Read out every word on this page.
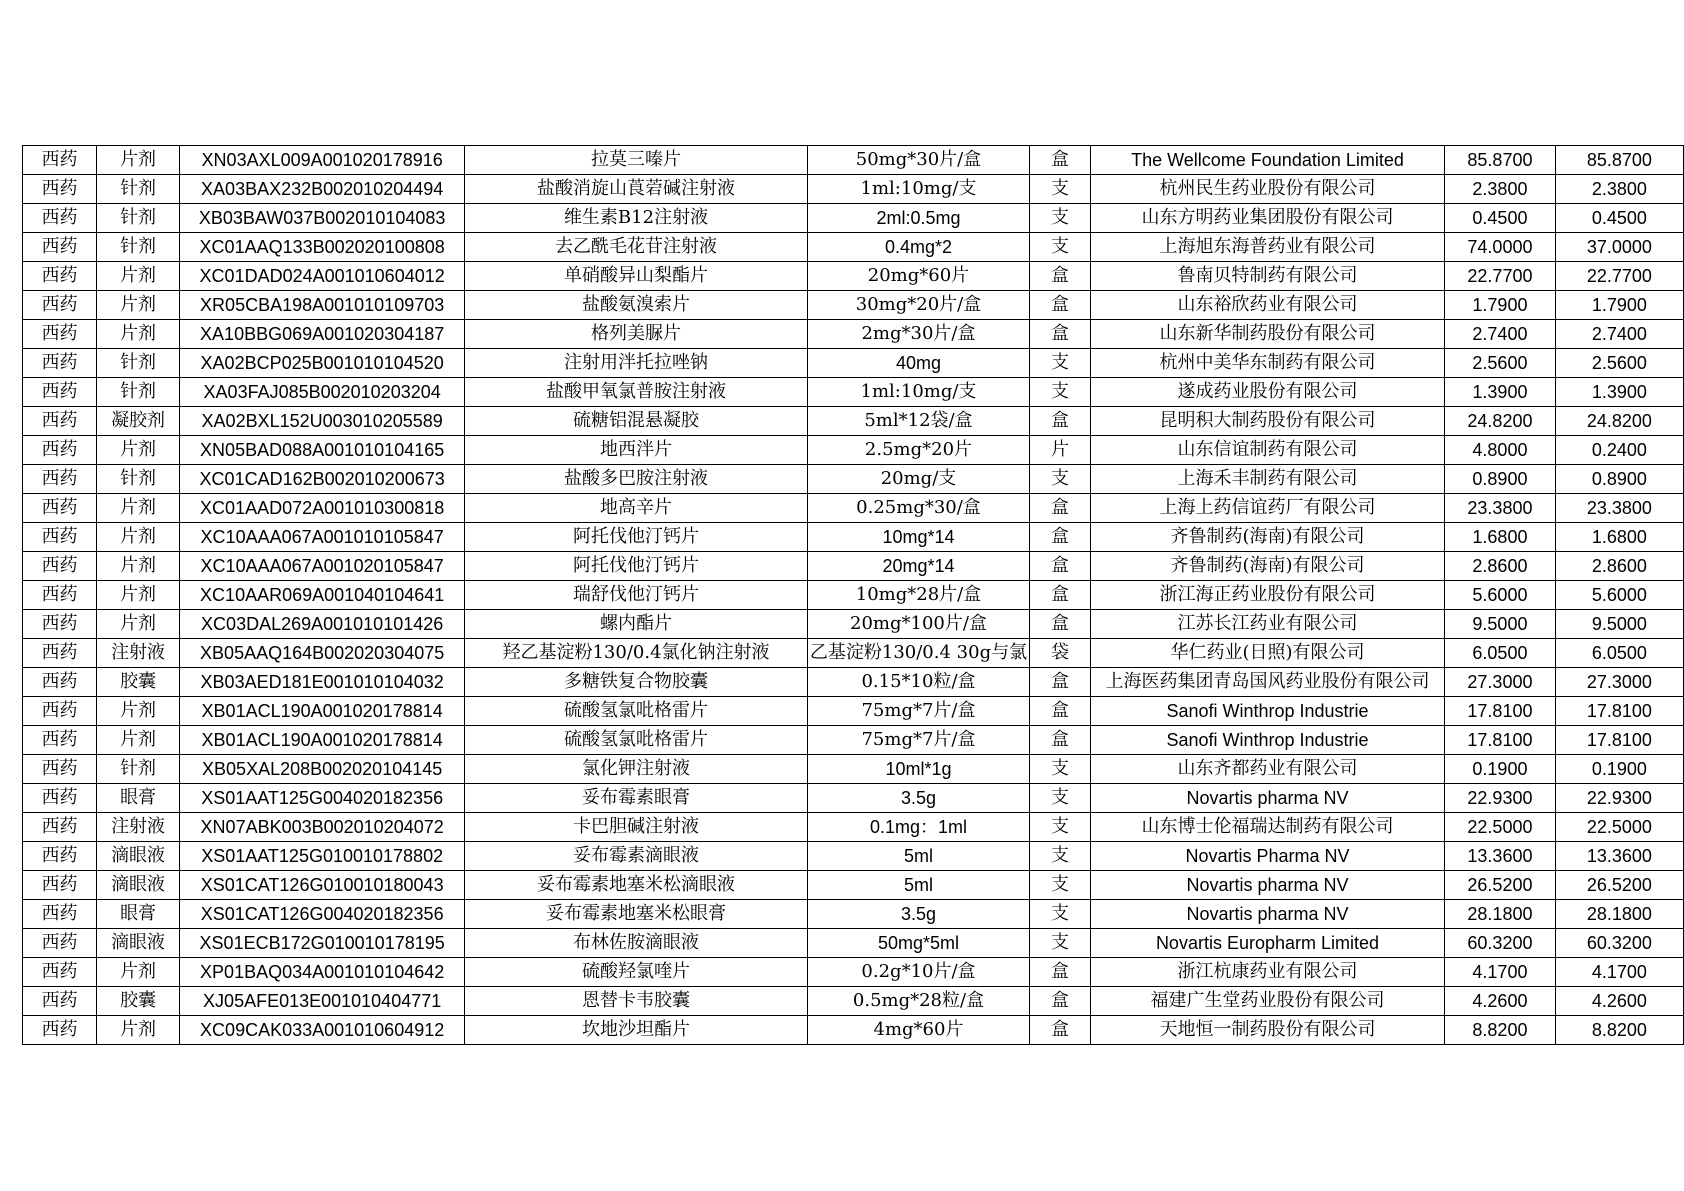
西药	片剂	XN03AXL009A001020178916	拉莫三嗪片	50mg*30片/盒	盒	The Wellcome Foundation Limited	85.8700	85.8700
西药	针剂	XA03BAX232B002010204494	盐酸消旋山莨菪碱注射液	1ml:10mg/支	支	杭州民生药业股份有限公司	2.3800	2.3800
西药	针剂	XB03BAW037B002010104083	维生素B12注射液	2ml:0.5mg	支	山东方明药业集团股份有限公司	0.4500	0.4500
西药	针剂	XC01AAQ133B002020100808	去乙酰毛花苷注射液	0.4mg*2	支	上海旭东海普药业有限公司	74.0000	37.0000
西药	片剂	XC01DAD024A001010604012	单硝酸异山梨酯片	20mg*60片	盒	鲁南贝特制药有限公司	22.7700	22.7700
西药	片剂	XR05CBA198A001010109703	盐酸氨溴索片	30mg*20片/盒	盒	山东裕欣药业有限公司	1.7900	1.7900
西药	片剂	XA10BBG069A001020304187	格列美脲片	2mg*30片/盒	盒	山东新华制药股份有限公司	2.7400	2.7400
西药	针剂	XA02BCP025B001010104520	注射用泮托拉唑钠	40mg	支	杭州中美华东制药有限公司	2.5600	2.5600
西药	针剂	XA03FAJ085B002010203204	盐酸甲氧氯普胺注射液	1ml:10mg/支	支	遂成药业股份有限公司	1.3900	1.3900
西药	凝胶剂	XA02BXL152U003010205589	硫糖铝混悬凝胶	5ml*12袋/盒	盒	昆明积大制药股份有限公司	24.8200	24.8200
西药	片剂	XN05BAD088A001010104165	地西泮片	2.5mg*20片	片	山东信谊制药有限公司	4.8000	0.2400
西药	针剂	XC01CAD162B002010200673	盐酸多巴胺注射液	20mg/支	支	上海禾丰制药有限公司	0.8900	0.8900
西药	片剂	XC01AAD072A001010300818	地高辛片	0.25mg*30/盒	盒	上海上药信谊药厂有限公司	23.3800	23.3800
西药	片剂	XC10AAA067A001010105847	阿托伐他汀钙片	10mg*14	盒	齐鲁制药(海南)有限公司	1.6800	1.6800
西药	片剂	XC10AAA067A001020105847	阿托伐他汀钙片	20mg*14	盒	齐鲁制药(海南)有限公司	2.8600	2.8600
西药	片剂	XC10AAR069A001040104641	瑞舒伐他汀钙片	10mg*28片/盒	盒	浙江海正药业股份有限公司	5.6000	5.6000
西药	片剂	XC03DAL269A001010101426	螺内酯片	20mg*100片/盒	盒	江苏长江药业有限公司	9.5000	9.5000
西药	注射液	XB05AAQ164B002020304075	羟乙基淀粉130/0.4氯化钠注射液	乙基淀粉130/0.4 30g与氯	袋	华仁药业(日照)有限公司	6.0500	6.0500
西药	胶囊	XB03AED181E001010104032	多糖铁复合物胶囊	0.15*10粒/盒	盒	上海医药集团青岛国风药业股份有限公司	27.3000	27.3000
西药	片剂	XB01ACL190A001020178814	硫酸氢氯吡格雷片	75mg*7片/盒	盒	Sanofi Winthrop Industrie	17.8100	17.8100
西药	片剂	XB01ACL190A001020178814	硫酸氢氯吡格雷片	75mg*7片/盒	盒	Sanofi Winthrop Industrie	17.8100	17.8100
西药	针剂	XB05XAL208B002020104145	氯化钾注射液	10ml*1g	支	山东齐都药业有限公司	0.1900	0.1900
西药	眼膏	XS01AAT125G004020182356	妥布霉素眼膏	3.5g	支	Novartis pharma NV	22.9300	22.9300
西药	注射液	XN07ABK003B002010204072	卡巴胆碱注射液	0.1mg：1ml	支	山东博士伦福瑞达制药有限公司	22.5000	22.5000
西药	滴眼液	XS01AAT125G010010178802	妥布霉素滴眼液	5ml	支	Novartis Pharma NV	13.3600	13.3600
西药	滴眼液	XS01CAT126G010010180043	妥布霉素地塞米松滴眼液	5ml	支	Novartis pharma NV	26.5200	26.5200
西药	眼膏	XS01CAT126G004020182356	妥布霉素地塞米松眼膏	3.5g	支	Novartis pharma NV	28.1800	28.1800
西药	滴眼液	XS01ECB172G010010178195	布林佐胺滴眼液	50mg*5ml	支	Novartis Europharm Limited	60.3200	60.3200
西药	片剂	XP01BAQ034A001010104642	硫酸羟氯喹片	0.2g*10片/盒	盒	浙江杭康药业有限公司	4.1700	4.1700
西药	胶囊	XJ05AFE013E001010404771	恩替卡韦胶囊	0.5mg*28粒/盒	盒	福建广生堂药业股份有限公司	4.2600	4.2600
西药	片剂	XC09CAK033A001010604912	坎地沙坦酯片	4mg*60片	盒	天地恒一制药股份有限公司	8.8200	8.8200
